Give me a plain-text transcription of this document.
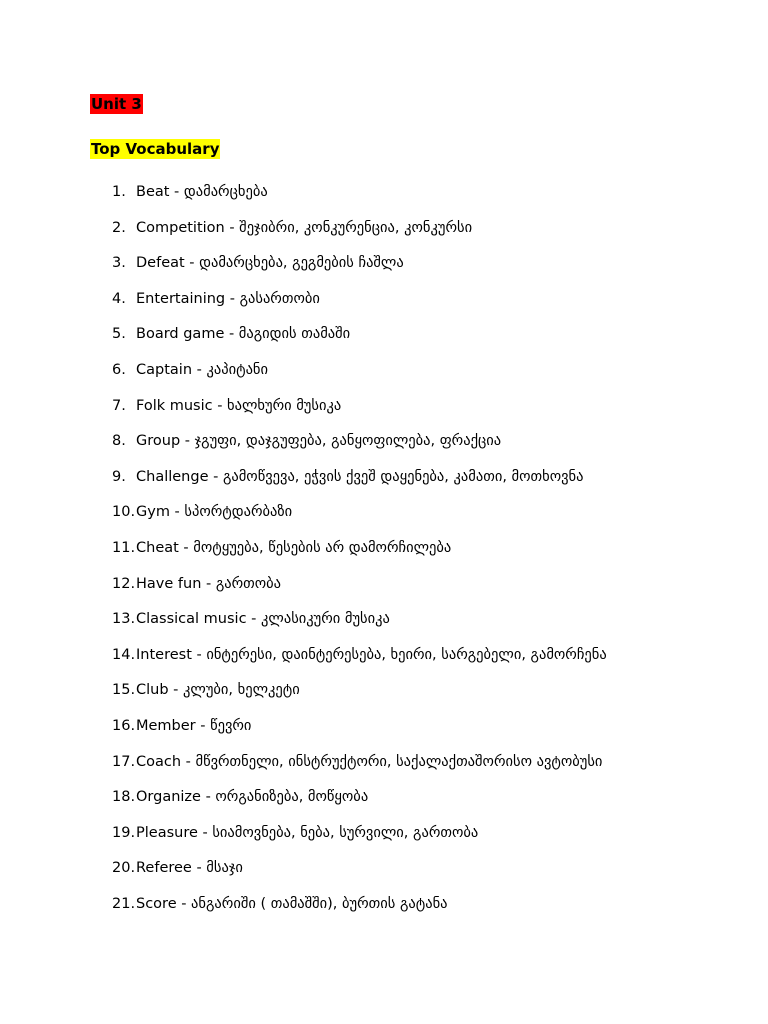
Unit 3
Top Vocabulary
1. Beat - დამარცხება
2. Competition - შეჯიბრი, კონკურენცია, კონკურსი
3. Defeat - დამარცხება, გეგმების ჩაშლა
4. Entertaining - გასართობი
5. Board game - მაგიდის თამაში
6. Captain - კაპიტანი
7. Folk music - ხალხური მუსიკა
8. Group - ჯგუფი, დაჯგუფება, განყოფილება, ფრაქცია
9. Challenge - გამოწვევა, ეჭვის ქვეშ დაყენება, კამათი, მოთხოვნა
10. Gym - სპორტდარბაზი
11. Cheat - მოტყუება, წესების არ დამორჩილება
12. Have fun - გართობა
13. Classical music - კლასიკური მუსიკა
14. Interest - ინტერესი, დაინტერესება, ხეირი, სარგებელი, გამორჩენა
15. Club - კლუბი, ხელკეტი
16. Member - წევრი
17. Coach - მწვრთნელი, ინსტრუქტორი, საქალაქთაშორისო ავტობუსი
18. Organize - ორგანიზება, მოწყობა
19. Pleasure - სიამოვნება, ნება, სურვილი, გართობა
20. Referee - მსაჯი
21. Score - ანგარიში ( თამაშში), ბურთის გატანა
